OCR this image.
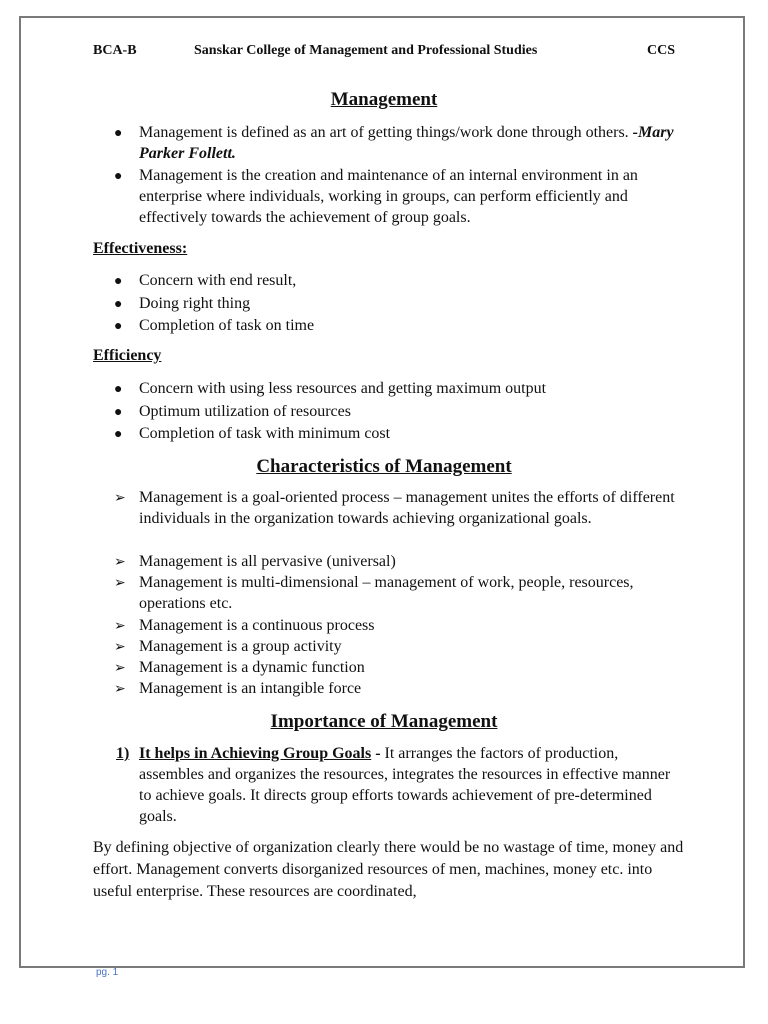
BCA-B	Sanskar College of Management and Professional Studies	CCS
Management
● Management is defined as an art of getting things/work done through others. -Mary Parker Follett.
● Management is the creation and maintenance of an internal environment in an enterprise where individuals, working in groups, can perform efficiently and effectively towards the achievement of group goals.
Effectiveness:
● Concern with end result,
● Doing right thing
● Completion of task on time
Efficiency
● Concern with using less resources and getting maximum output
● Optimum utilization of resources
● Completion of task with minimum cost
Characteristics of Management
➢ Management is a goal-oriented process – management unites the efforts of different individuals in the organization towards achieving organizational goals.
➢ Management is all pervasive (universal)
➢ Management is multi-dimensional – management of work, people, resources, operations etc.
➢ Management is a continuous process
➢ Management is a group activity
➢ Management is a dynamic function
➢ Management is an intangible force
Importance of Management
1) It helps in Achieving Group Goals - It arranges the factors of production, assembles and organizes the resources, integrates the resources in effective manner to achieve goals. It directs group efforts towards achievement of pre-determined goals.
By defining objective of organization clearly there would be no wastage of time, money and effort. Management converts disorganized resources of men, machines, money etc. into useful enterprise. These resources are coordinated,
pg. 1
